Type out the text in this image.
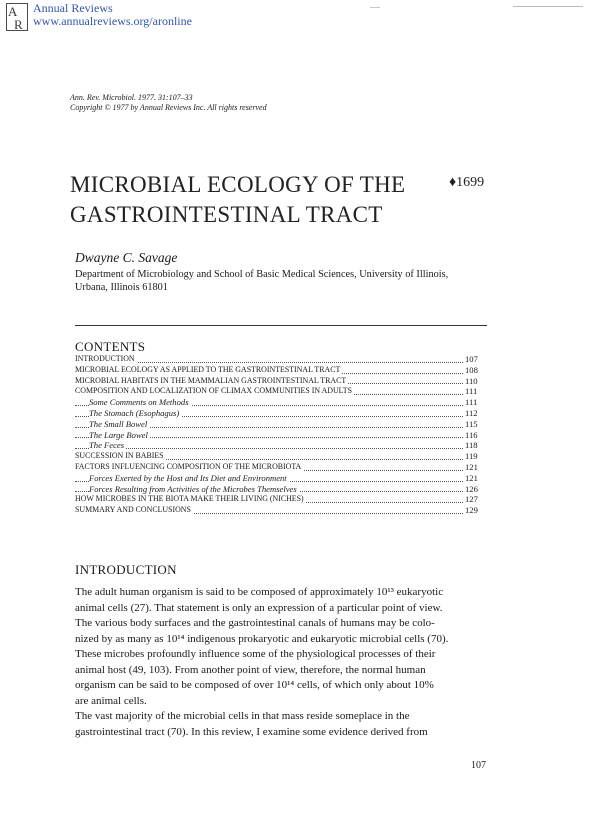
A
R
Annual Reviews
www.annualreviews.org/aronline
Ann. Rev. Microbiol. 1977. 31:107–33
Copyright © 1977 by Annual Reviews Inc. All rights reserved
MICROBIAL ECOLOGY OF THE
GASTROINTESTINAL TRACT
♦1699
Dwayne C. Savage
Department of Microbiology and School of Basic Medical Sciences, University of Illinois,
Urbana, Illinois 61801
CONTENTS
INTRODUCTION	107
MICROBIAL ECOLOGY AS APPLIED TO THE GASTROINTESTINAL TRACT	108
MICROBIAL HABITATS IN THE MAMMALIAN GASTROINTESTINAL TRACT	110
COMPOSITION AND LOCALIZATION OF CLIMAX COMMUNITIES IN ADULTS	111
Some Comments on Methods	111
The Stomach (Esophagus)	112
The Small Bowel	115
The Large Bowel	116
The Feces	118
SUCCESSION IN BABIES	119
FACTORS INFLUENCING COMPOSITION OF THE MICROBIOTA	121
Forces Exerted by the Host and Its Diet and Environment	121
Forces Resulting from Activities of the Microbes Themselves	126
HOW MICROBES IN THE BIOTA MAKE THEIR LIVING (NICHES)	127
SUMMARY AND CONCLUSIONS	129
INTRODUCTION
The adult human organism is said to be composed of approximately 10¹³ eukaryotic
animal cells (27). That statement is only an expression of a particular point of view.
The various body surfaces and the gastrointestinal canals of humans may be colo-
nized by as many as 10¹⁴ indigenous prokaryotic and eukaryotic microbial cells (70).
These microbes profoundly influence some of the physiological processes of their
animal host (49, 103). From another point of view, therefore, the normal human
organism can be said to be composed of over 10¹⁴ cells, of which only about 10%
are animal cells.
The vast majority of the microbial cells in that mass reside someplace in the
gastrointestinal tract (70). In this review, I examine some evidence derived from
107
